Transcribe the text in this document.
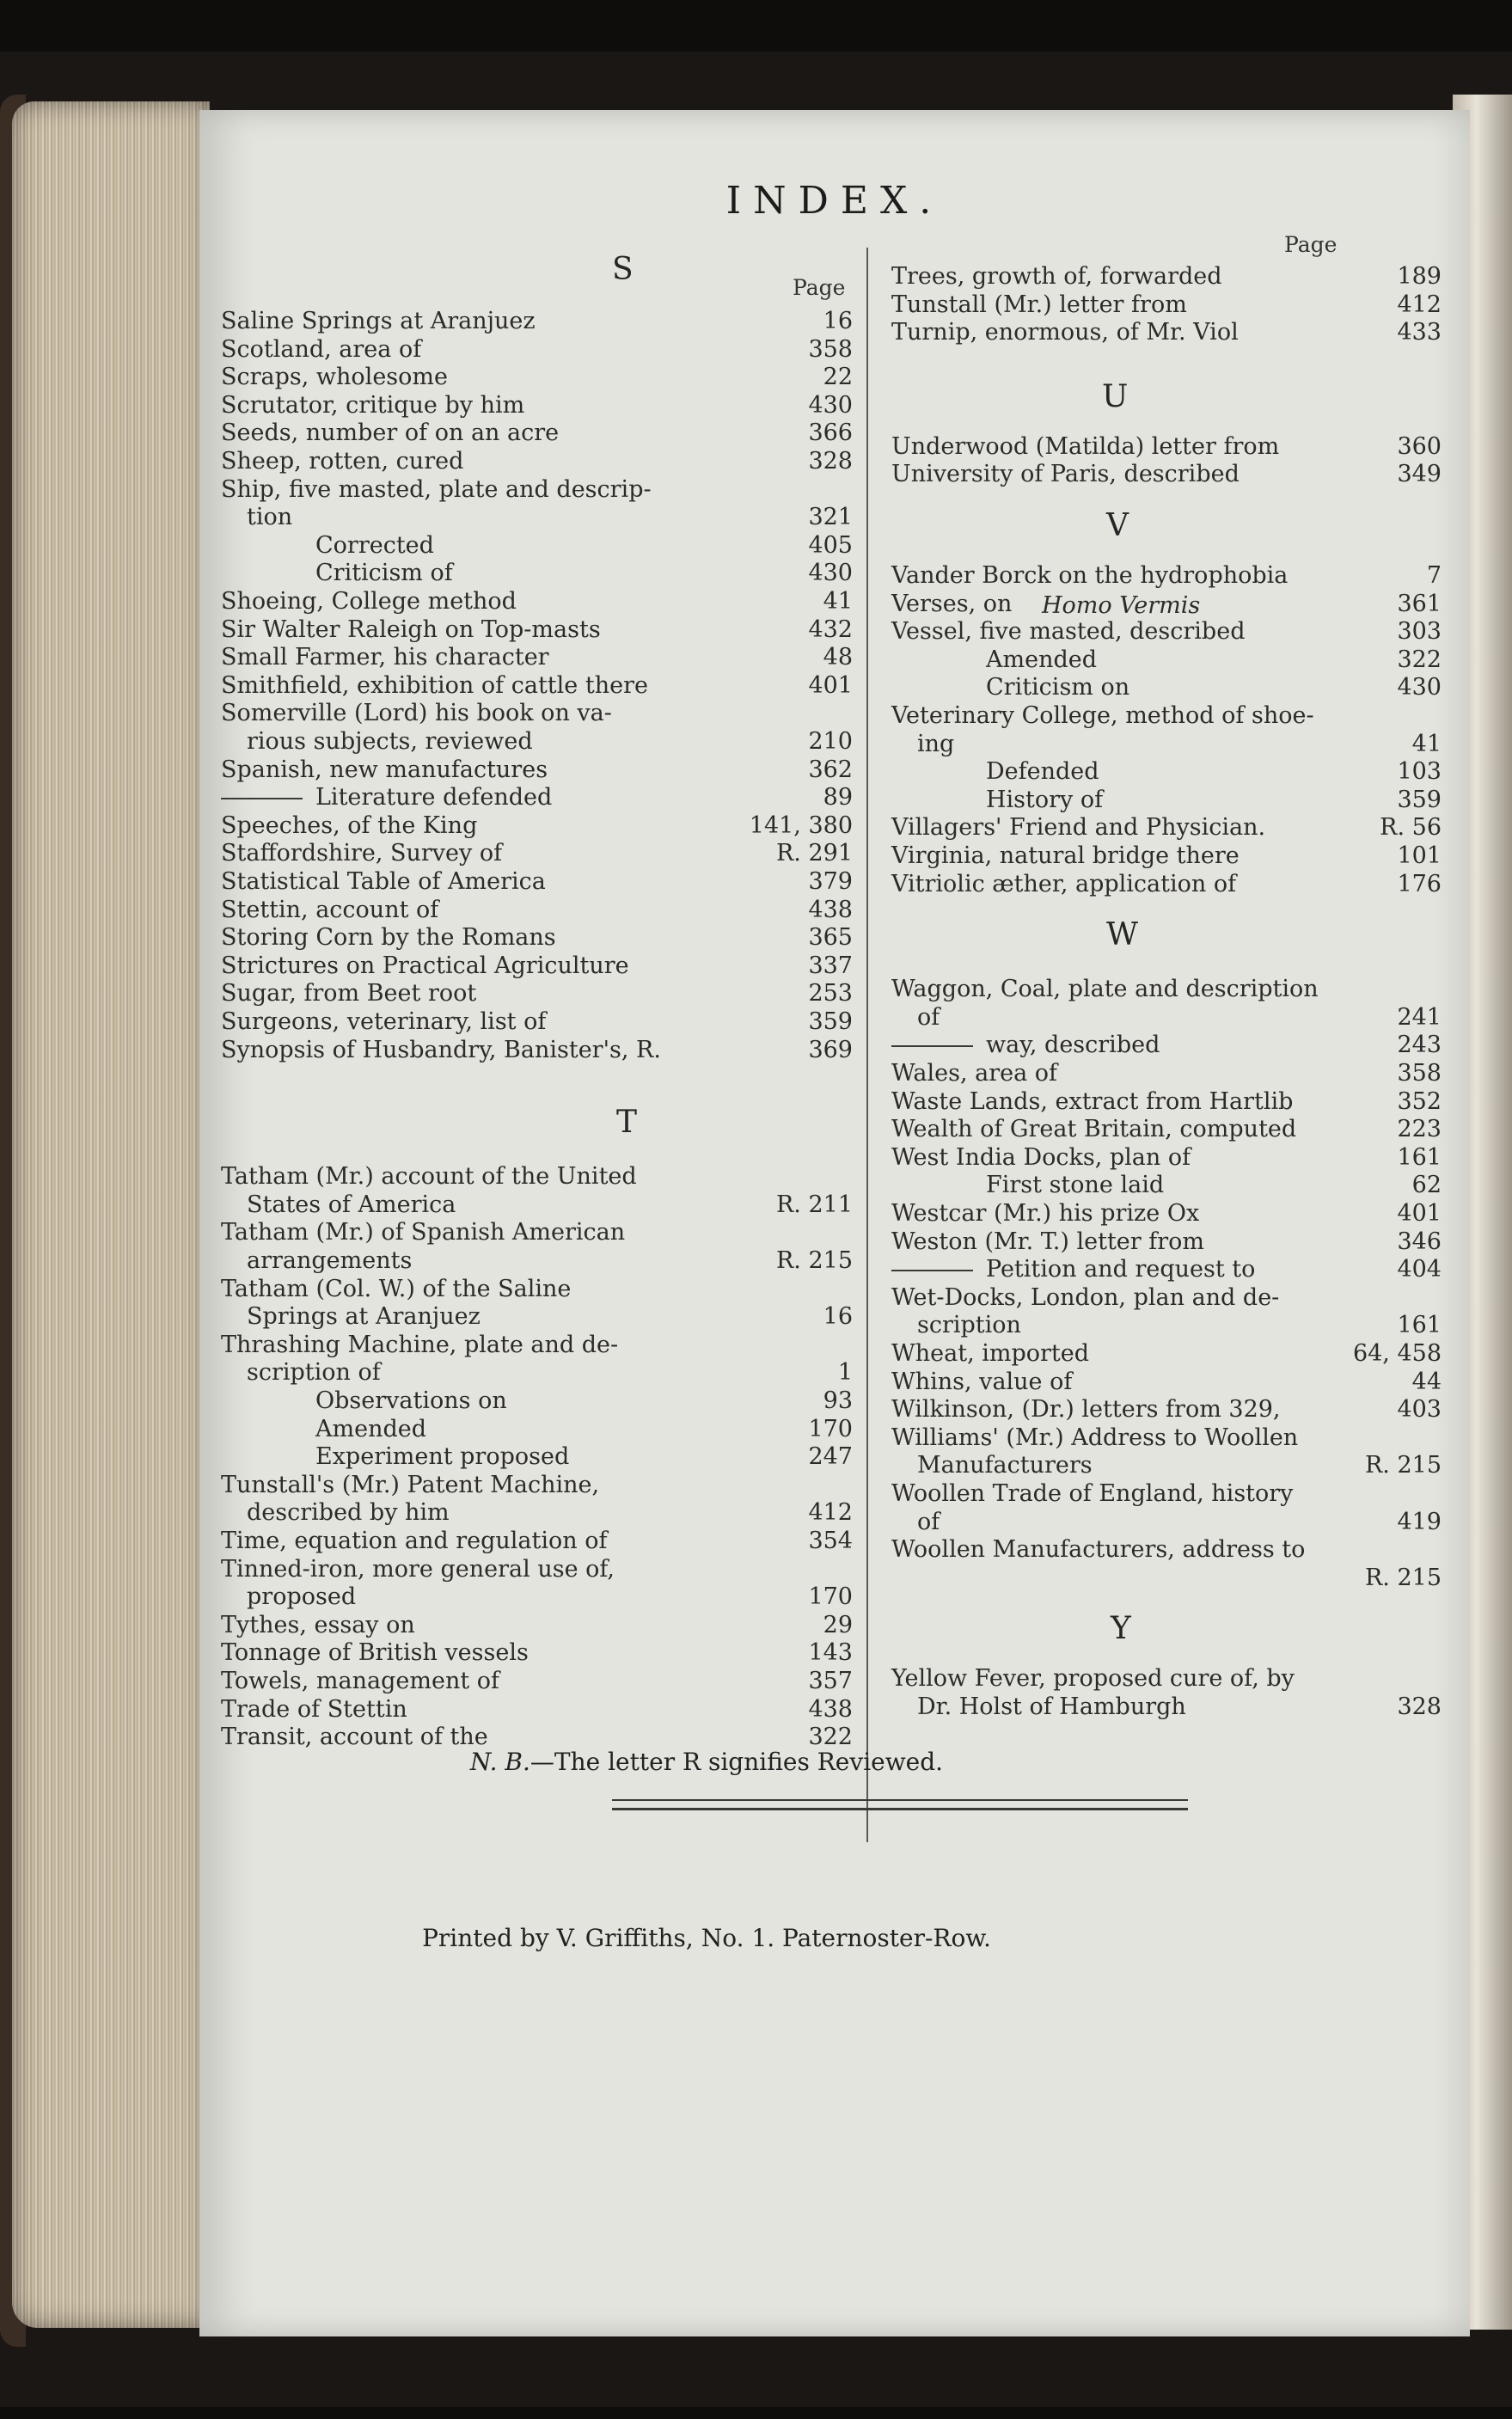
INDEX.
S
Page
Saline Springs at Aranjuez	16
Scotland, area of	358
Scraps, wholesome	22
Scrutator, critique by him	430
Seeds, number of on an acre	366
Sheep, rotten, cured	328
Ship, five masted, plate and descrip-
tion	321
Corrected	405
Criticism of	430
Shoeing, College method	41
Sir Walter Raleigh on Top-masts	432
Small Farmer, his character	48
Smithfield, exhibition of cattle there	401
Somerville (Lord) his book on va-
rious subjects, reviewed	210
Spanish, new manufactures	362
Literature defended	89
Speeches, of the King	141, 380
Staffordshire, Survey of	R. 291
Statistical Table of America	379
Stettin, account of	438
Storing Corn by the Romans	365
Strictures on Practical Agriculture	337
Sugar, from Beet root	253
Surgeons, veterinary, list of	359
Synopsis of Husbandry, Banister's, R.	369
T
Tatham (Mr.) account of the United
States of America	R. 211
Tatham (Mr.) of Spanish American
arrangements	R. 215
Tatham (Col. W.) of the Saline
Springs at Aranjuez	16
Thrashing Machine, plate and de-
scription of	1
Observations on	93
Amended	170
Experiment proposed	247
Tunstall's (Mr.) Patent Machine,
described by him	412
Time, equation and regulation of	354
Tinned-iron, more general use of,
proposed	170
Tythes, essay on	29
Tonnage of British vessels	143
Towels, management of	357
Trade of Stettin	438
Transit, account of the	322
Page
Trees, growth of, forwarded	189
Tunstall (Mr.) letter from	412
Turnip, enormous, of Mr. Viol	433
U
Underwood (Matilda) letter from	360
University of Paris, described	349
V
Vander Borck on the hydrophobia	7
Verses, on Homo Vermis	361
Vessel, five masted, described	303
Amended	322
Criticism on	430
Veterinary College, method of shoe-
ing	41
Defended	103
History of	359
Villagers' Friend and Physician.	R. 56
Virginia, natural bridge there	101
Vitriolic æther, application of	176
W
Waggon, Coal, plate and description
of	241
way, described	243
Wales, area of	358
Waste Lands, extract from Hartlib	352
Wealth of Great Britain, computed	223
West India Docks, plan of	161
First stone laid	62
Westcar (Mr.) his prize Ox	401
Weston (Mr. T.) letter from	346
Petition and request to	404
Wet-Docks, London, plan and de-
scription	161
Wheat, imported	64, 458
Whins, value of	44
Wilkinson, (Dr.) letters from 329,	403
Williams' (Mr.) Address to Woollen
Manufacturers	R. 215
Woollen Trade of England, history
of	419
Woollen Manufacturers, address to
R. 215
Y
Yellow Fever, proposed cure of, by
Dr. Holst of Hamburgh	328
N. B.—The letter R signifies Reviewed.
Printed by V. Griffiths, No. 1. Paternoster-Row.
